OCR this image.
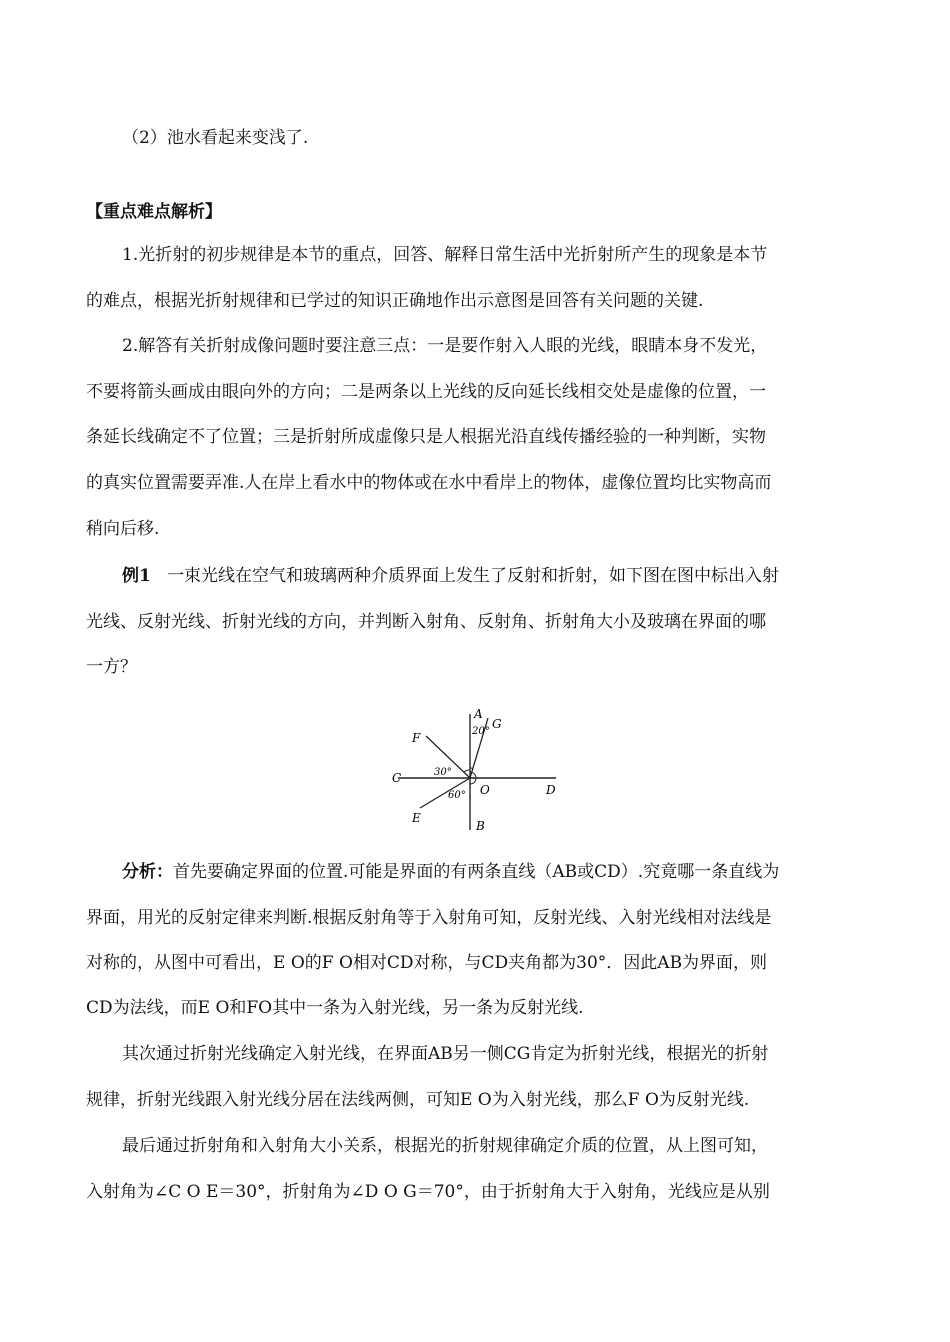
（2）池水看起来变浅了.
【重点难点解析】
1.光折射的初步规律是本节的重点，回答、解释日常生活中光折射所产生的现象是本节
的难点，根据光折射规律和已学过的知识正确地作出示意图是回答有关问题的关键.
2.解答有关折射成像问题时要注意三点：一是要作射入人眼的光线，眼睛本身不发光，
不要将箭头画成由眼向外的方向；二是两条以上光线的反向延长线相交处是虚像的位置，一
条延长线确定不了位置；三是折射所成虚像只是人根据光沿直线传播经验的一种判断，实物
的真实位置需要弄准.人在岸上看水中的物体或在水中看岸上的物体，虚像位置均比实物高而
稍向后移.
例1 一束光线在空气和玻璃两种介质界面上发生了反射和折射，如下图在图中标出入射
光线、反射光线、折射光线的方向，并判断入射角、反射角、折射角大小及玻璃在界面的哪
一方？
A
G
20°
F
C	30°
O	D
60°
E
B
分析：首先要确定界面的位置.可能是界面的有两条直线（AB或CD）.究竟哪一条直线为
界面，用光的反射定律来判断.根据反射角等于入射角可知，反射光线、入射光线相对法线是
对称的，从图中可看出，E O的F O相对CD对称，与CD夹角都为30°．因此AB为界面，则
CD为法线，而E O和FO其中一条为入射光线，另一条为反射光线.
其次通过折射光线确定入射光线，在界面AB另一侧CG肯定为折射光线，根据光的折射
规律，折射光线跟入射光线分居在法线两侧，可知E O为入射光线，那么F O为反射光线.
最后通过折射角和入射角大小关系，根据光的折射规律确定介质的位置，从上图可知，
入射角为∠C O E＝30°，折射角为∠D O G＝70°，由于折射角大于入射角，光线应是从别
